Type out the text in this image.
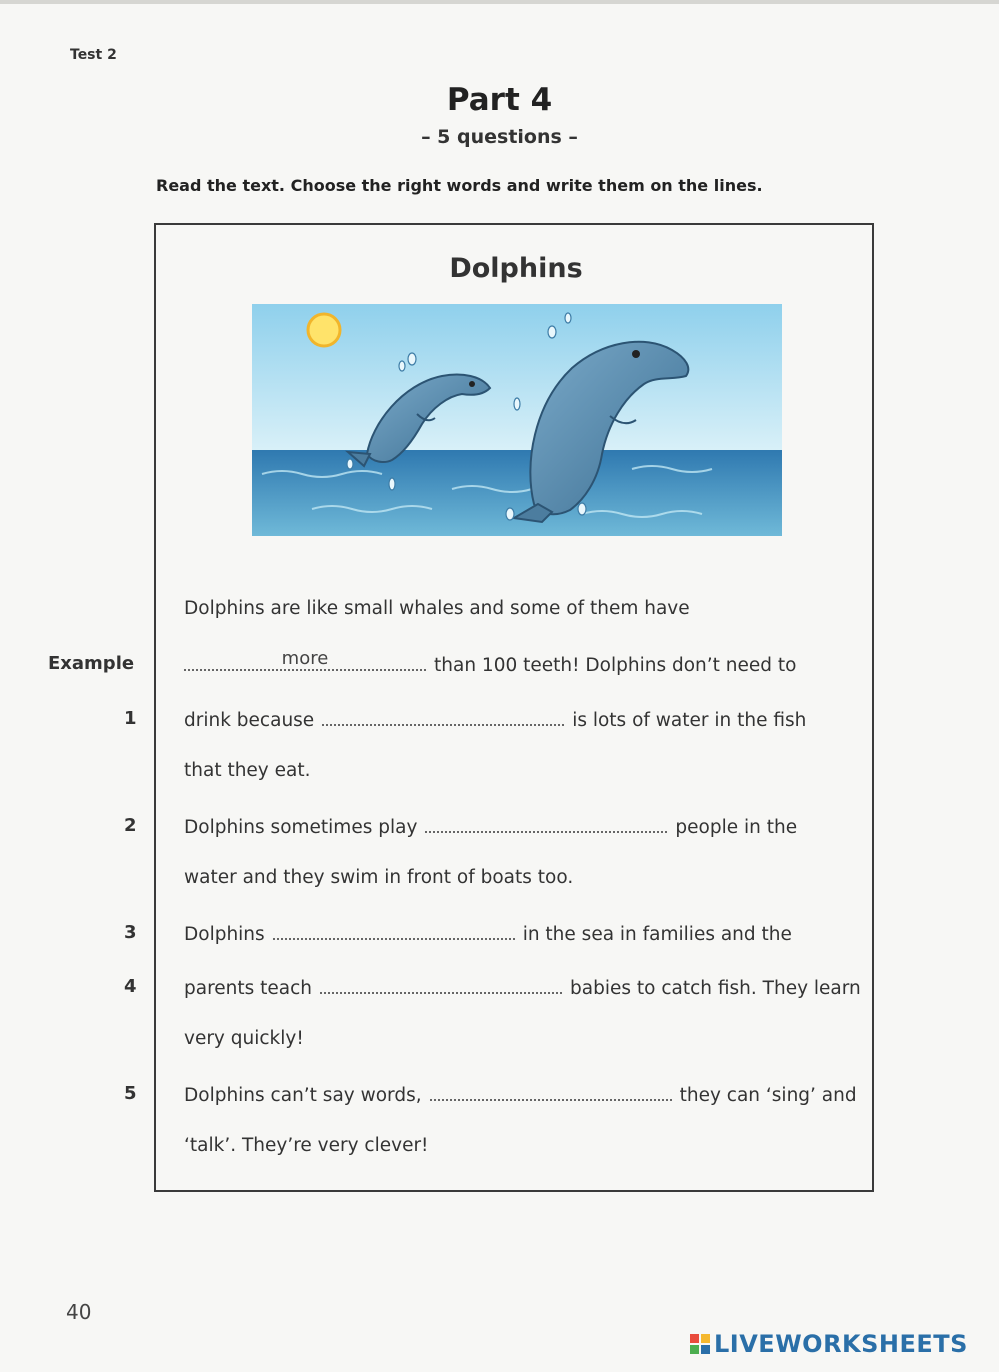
Test 2
Part 4
– 5 questions –
Read the text. Choose the right words and write them on the lines.
Dolphins
Dolphins are like small whales and some of them have
Example	more	than 100 teeth! Dolphins don’t need to
1	drink because	is lots of water in the fish
that they eat.
2	Dolphins sometimes play	people in the
water and they swim in front of boats too.
3	Dolphins	in the sea in families and the
4	parents teach	babies to catch fish. They learn
very quickly!
5	Dolphins can’t say words,	they can ‘sing’ and
‘talk’. They’re very clever!
40
LIVEWORKSHEETS
